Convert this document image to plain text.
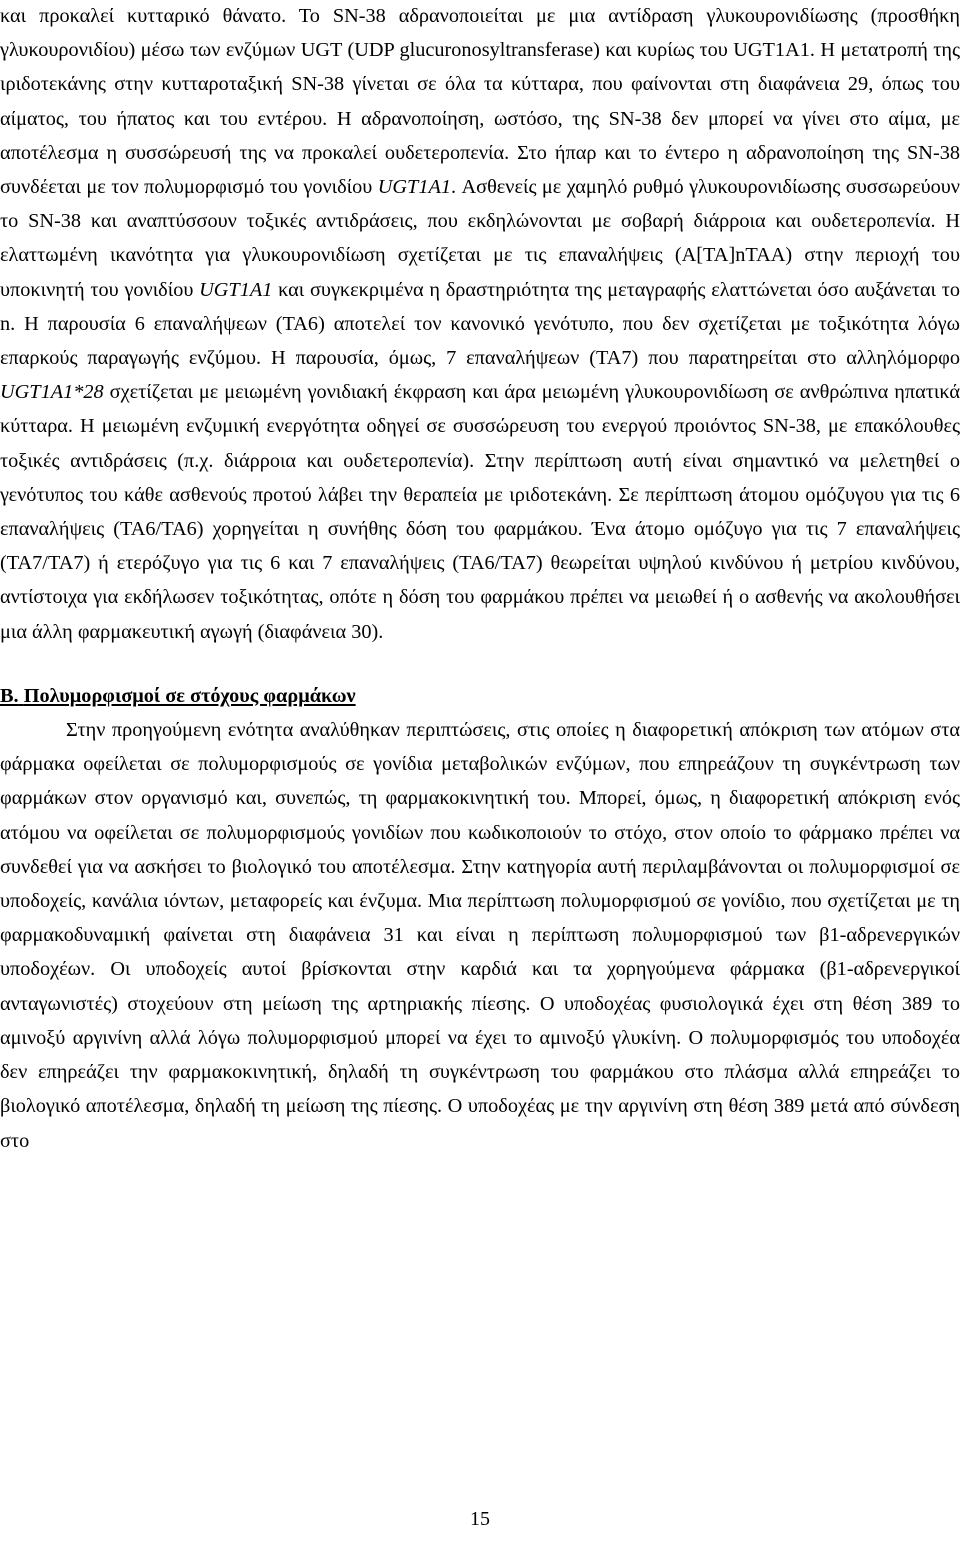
και προκαλεί κυτταρικό θάνατο. Το SN-38 αδρανοποιείται με μια αντίδραση γλυκουρονιδίωσης (προσθήκη γλυκουρονιδίου) μέσω των ενζύμων UGT (UDP glucuronosyltransferase) και κυρίως του UGT1A1. Η μετατροπή της ιριδοτεκάνης στην κυτταροταξική SN-38 γίνεται σε όλα τα κύτταρα, που φαίνονται στη διαφάνεια 29, όπως του αίματος, του ήπατος και του εντέρου. Η αδρανοποίηση, ωστόσο, της SN-38 δεν μπορεί να γίνει στο αίμα, με αποτέλεσμα η συσσώρευσή της να προκαλεί ουδετεροπενία. Στο ήπαρ και το έντερο η αδρανοποίηση της SN-38 συνδέεται με τον πολυμορφισμό του γονιδίου UGT1A1. Ασθενείς με χαμηλό ρυθμό γλυκουρονιδίωσης συσσωρεύουν το SN-38 και αναπτύσσουν τοξικές αντιδράσεις, που εκδηλώνονται με σοβαρή διάρροια και ουδετεροπενία. Η ελαττωμένη ικανότητα για γλυκουρονιδίωση σχετίζεται με τις επαναλήψεις (A[TA]nTAA) στην περιοχή του υποκινητή του γονιδίου UGT1A1 και συγκεκριμένα η δραστηριότητα της μεταγραφής ελαττώνεται όσο αυξάνεται το n. Η παρουσία 6 επαναλήψεων (TA6) αποτελεί τον κανονικό γενότυπο, που δεν σχετίζεται με τοξικότητα λόγω επαρκούς παραγωγής ενζύμου. Η παρουσία, όμως, 7 επαναλήψεων (TA7) που παρατηρείται στο αλληλόμορφο UGT1A1*28 σχετίζεται με μειωμένη γονιδιακή έκφραση και άρα μειωμένη γλυκουρονιδίωση σε ανθρώπινα ηπατικά κύτταρα. Η μειωμένη ενζυμική ενεργότητα οδηγεί σε συσσώρευση του ενεργού προιόντος SN-38, με επακόλουθες τοξικές αντιδράσεις (π.χ. διάρροια και ουδετεροπενία). Στην περίπτωση αυτή είναι σημαντικό να μελετηθεί ο γενότυπος του κάθε ασθενούς προτού λάβει την θεραπεία με ιριδοτεκάνη. Σε περίπτωση άτομου ομόζυγου για τις 6 επαναλήψεις (TA6/TA6) χορηγείται η συνήθης δόση του φαρμάκου. Ένα άτομο ομόζυγο για τις 7 επαναλήψεις (TA7/TA7) ή ετερόζυγο για τις 6 και 7 επαναλήψεις (TA6/TA7) θεωρείται υψηλού κινδύνου ή μετρίου κινδύνου, αντίστοιχα για εκδήλωσεν τοξικότητας, οπότε η δόση του φαρμάκου πρέπει να μειωθεί ή ο ασθενής να ακολουθήσει μια άλλη φαρμακευτική αγωγή (διαφάνεια 30).

Β. Πολυμορφισμοί σε στόχους φαρμάκων

Στην προηγούμενη ενότητα αναλύθηκαν περιπτώσεις, στις οποίες η διαφορετική απόκριση των ατόμων στα φάρμακα οφείλεται σε πολυμορφισμούς σε γονίδια μεταβολικών ενζύμων, που επηρεάζουν τη συγκέντρωση των φαρμάκων στον οργανισμό και, συνεπώς, τη φαρμακοκινητική του. Μπορεί, όμως, η διαφορετική απόκριση ενός ατόμου να οφείλεται σε πολυμορφισμούς γονιδίων που κωδικοποιούν το στόχο, στον οποίο το φάρμακο πρέπει να συνδεθεί για να ασκήσει το βιολογικό του αποτέλεσμα. Στην κατηγορία αυτή περιλαμβάνονται οι πολυμορφισμοί σε υποδοχείς, κανάλια ιόντων, μεταφορείς και ένζυμα. Μια περίπτωση πολυμορφισμού σε γονίδιο, που σχετίζεται με τη φαρμακοδυναμική φαίνεται στη διαφάνεια 31 και είναι η περίπτωση πολυμορφισμού των β1-αδρενεργικών υποδοχέων. Οι υποδοχείς αυτοί βρίσκονται στην καρδιά και τα χορηγούμενα φάρμακα (β1-αδρενεργικοί ανταγωνιστές) στοχεύουν στη μείωση της αρτηριακής πίεσης. Ο υποδοχέας φυσιολογικά έχει στη θέση 389 το αμινοξύ αργινίνη αλλά λόγω πολυμορφισμού μπορεί να έχει το αμινοξύ γλυκίνη. Ο πολυμορφισμός του υποδοχέα δεν επηρεάζει την φαρμακοκινητική, δηλαδή τη συγκέντρωση του φαρμάκου στο πλάσμα αλλά επηρεάζει το βιολογικό αποτέλεσμα, δηλαδή τη μείωση της πίεσης. Ο υποδοχέας με την αργινίνη στη θέση 389 μετά από σύνδεση στο

15
